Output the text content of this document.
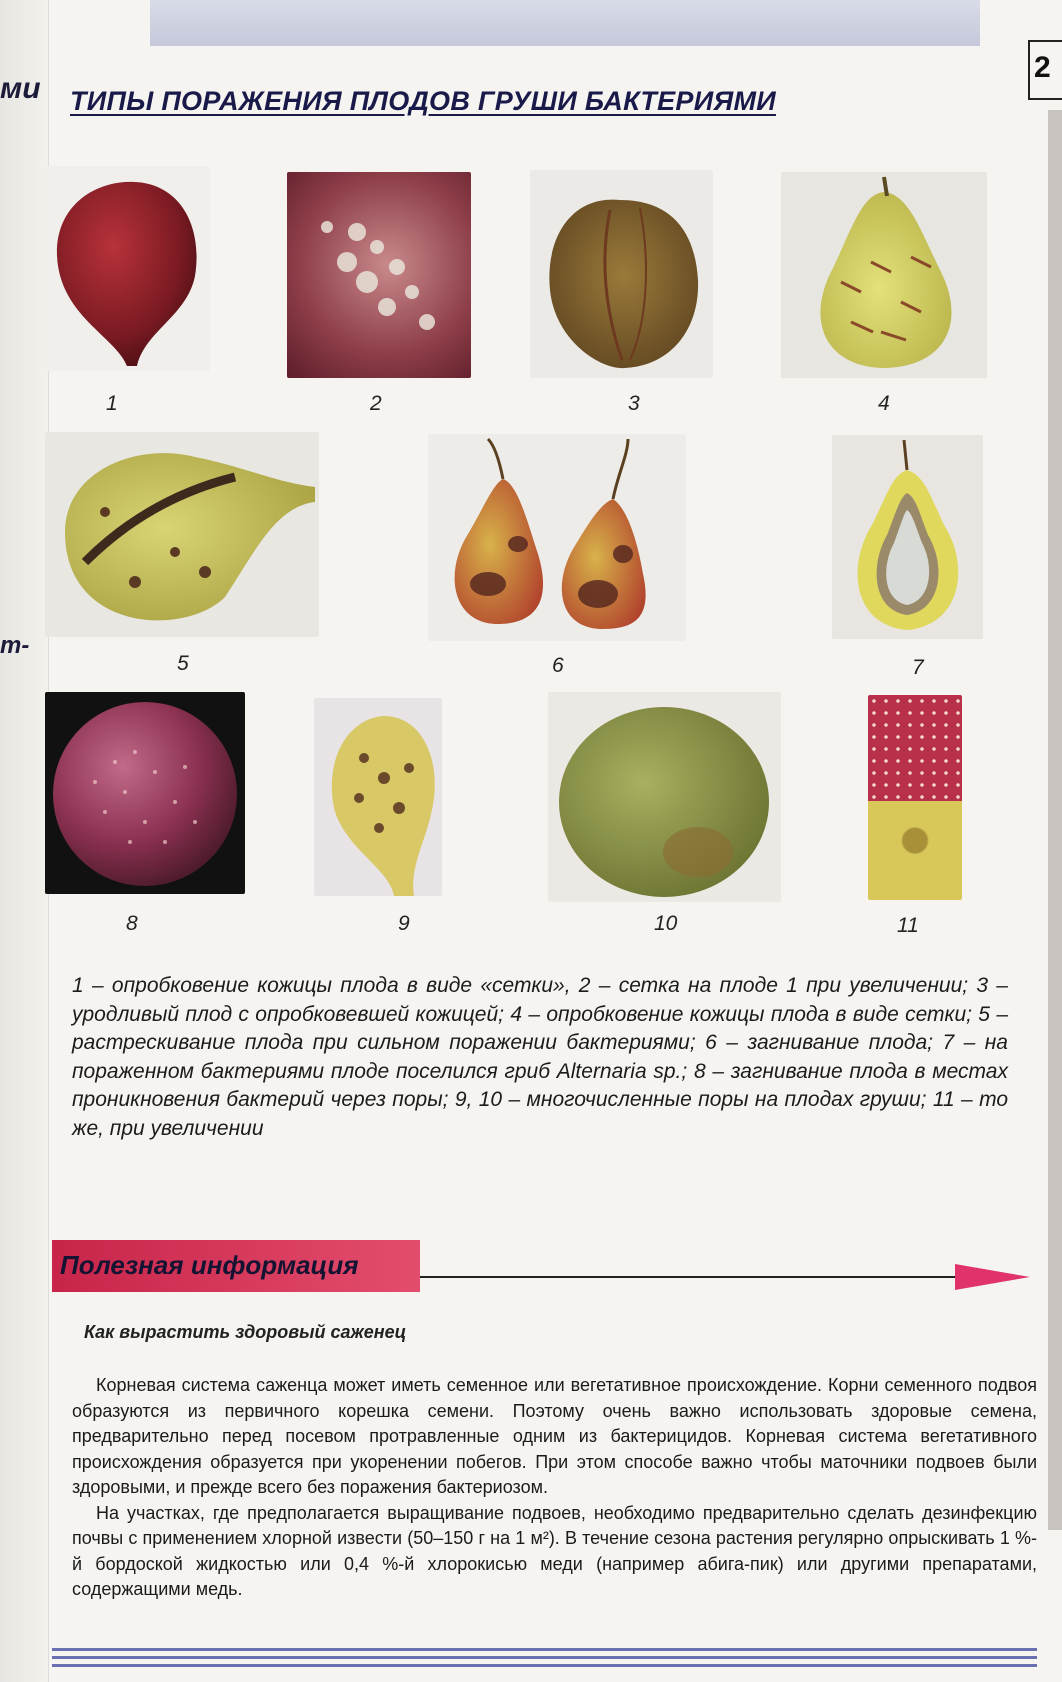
ми
т-
2
ТИПЫ ПОРАЖЕНИЯ ПЛОДОВ ГРУШИ БАКТЕРИЯМИ
1	2	3	4
5	6	7
8	9	10	11

1 – опробковение кожицы плода в виде «сетки», 2 – сетка на плоде 1 при увеличении; 3 – уродливый плод с опробковевшей кожицей; 4 – опробковение кожицы плода в виде сетки; 5 – растрескивание плода при сильном поражении бактериями; 6 – загнивание плода; 7 – на пораженном бактериями плоде поселился гриб Alternaria sp.; 8 – загнивание плода в местах проникновения бактерий через поры; 9, 10 – многочисленные поры на плодах груши; 11 – то же, при увеличении

Полезная информация
Как вырастить здоровый саженец

Корневая система саженца может иметь семенное или вегетативное происхождение. Корни семенного подвоя образуются из первичного корешка семени. Поэтому очень важно использовать здоровые семена, предварительно перед посевом протравленные одним из бактерицидов. Корневая система вегетативного происхождения образуется при укоренении побегов. При этом способе важно чтобы маточники подвоев были здоровыми, и прежде всего без поражения бактериозом.

На участках, где предполагается выращивание подвоев, необходимо предварительно сделать дезинфекцию почвы с применением хлорной извести (50–150 г на 1 м²). В течение сезона растения регулярно опрыскивать 1 %-й бордоской жидкостью или 0,4 %-й хлорокисью меди (например абига-пик) или другими препаратами, содержащими медь.
